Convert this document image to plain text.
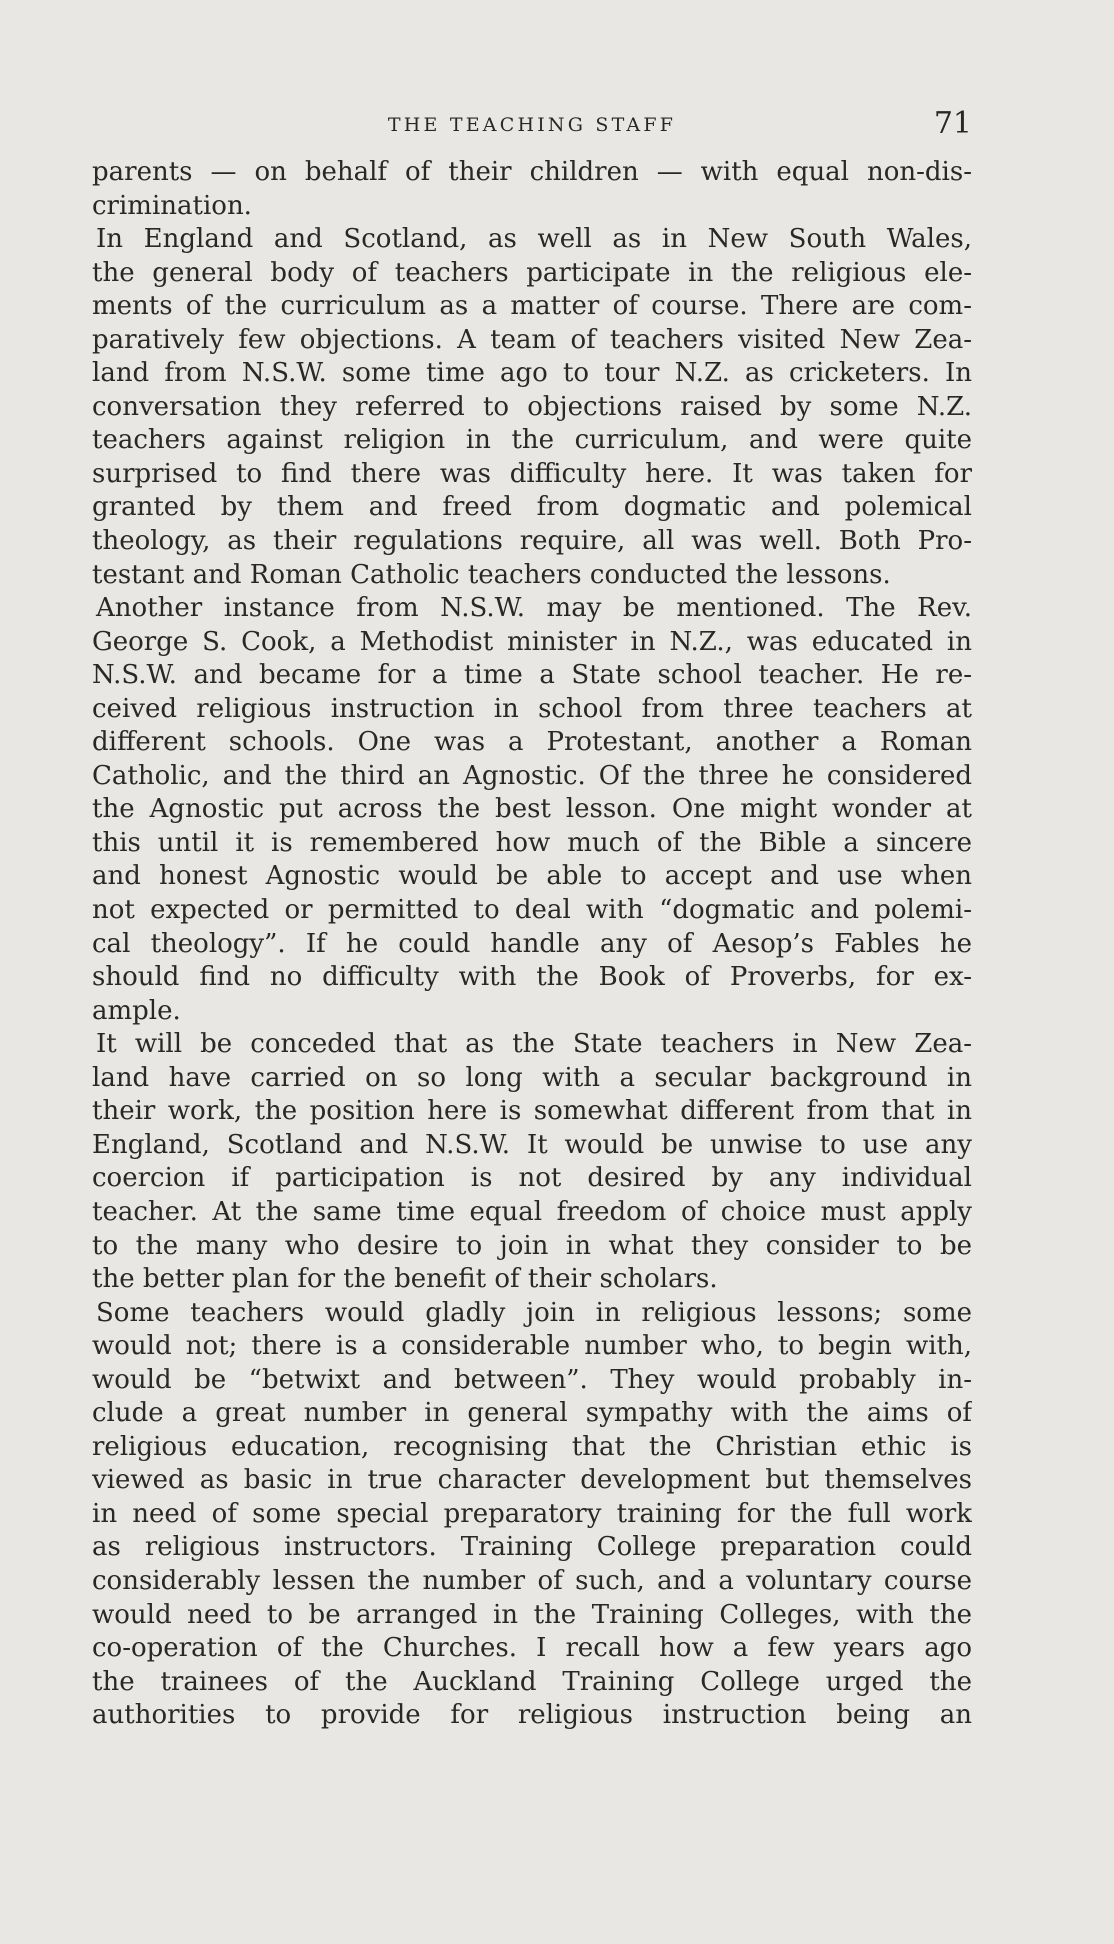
THE TEACHING STAFF	71
parents — on behalf of their children — with equal non-dis-
crimination.
In England and Scotland, as well as in New South Wales,
the general body of teachers participate in the religious ele-
ments of the curriculum as a matter of course. There are com-
paratively few objections. A team of teachers visited New Zea-
land from N.S.W. some time ago to tour N.Z. as cricketers. In
conversation they referred to objections raised by some N.Z.
teachers against religion in the curriculum, and were quite
surprised to find there was difficulty here. It was taken for
granted by them and freed from dogmatic and polemical
theology, as their regulations require, all was well. Both Pro-
testant and Roman Catholic teachers conducted the lessons.
Another instance from N.S.W. may be mentioned. The Rev.
George S. Cook, a Methodist minister in N.Z., was educated in
N.S.W. and became for a time a State school teacher. He re-
ceived religious instruction in school from three teachers at
different schools. One was a Protestant, another a Roman
Catholic, and the third an Agnostic. Of the three he considered
the Agnostic put across the best lesson. One might wonder at
this until it is remembered how much of the Bible a sincere
and honest Agnostic would be able to accept and use when
not expected or permitted to deal with “dogmatic and polemi-
cal theology”. If he could handle any of Aesop’s Fables he
should find no difficulty with the Book of Proverbs, for ex-
ample.
It will be conceded that as the State teachers in New Zea-
land have carried on so long with a secular background in
their work, the position here is somewhat different from that in
England, Scotland and N.S.W. It would be unwise to use any
coercion if participation is not desired by any individual
teacher. At the same time equal freedom of choice must apply
to the many who desire to join in what they consider to be
the better plan for the benefit of their scholars.
Some teachers would gladly join in religious lessons; some
would not; there is a considerable number who, to begin with,
would be “betwixt and between”. They would probably in-
clude a great number in general sympathy with the aims of
religious education, recognising that the Christian ethic is
viewed as basic in true character development but themselves
in need of some special preparatory training for the full work
as religious instructors. Training College preparation could
considerably lessen the number of such, and a voluntary course
would need to be arranged in the Training Colleges, with the
co-operation of the Churches. I recall how a few years ago
the trainees of the Auckland Training College urged the
authorities to provide for religious instruction being an
